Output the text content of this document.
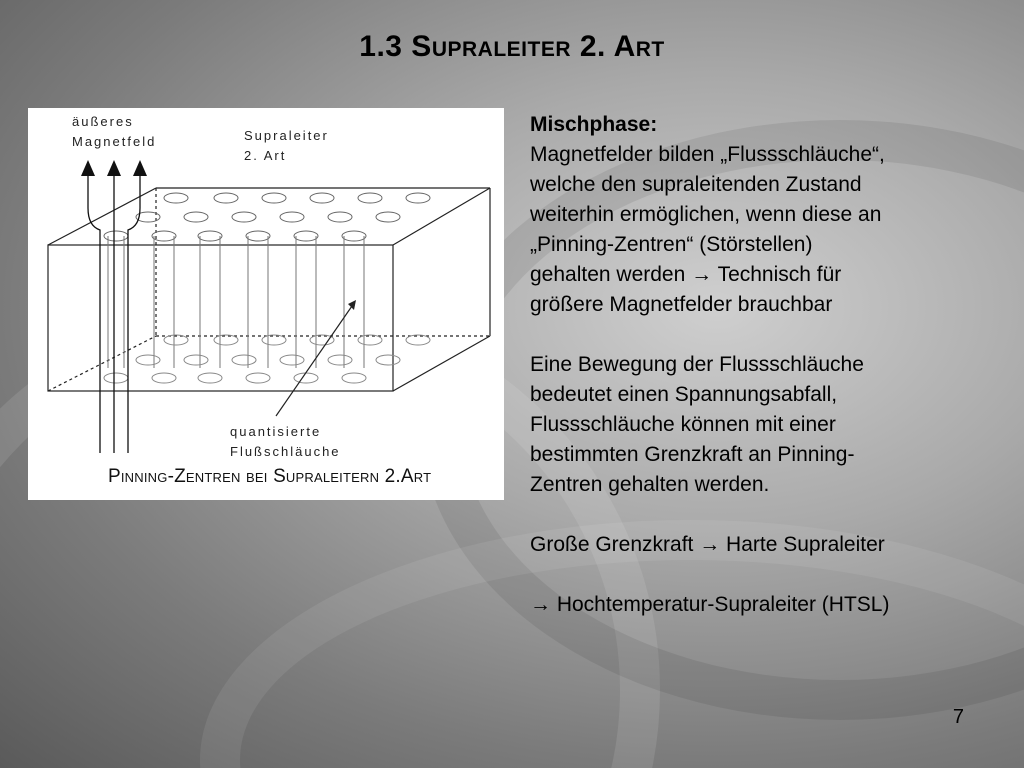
1.3 Supraleiter 2. Art
äußeres
Magnetfeld	Supraleiter
2. Art
quantisierte
Flußschläuche
Pinning-Zentren bei Supraleitern 2.Art

Mischphase:

Magnetfelder bilden „Flussschläuche“,

welche den supraleitenden Zustand

weiterhin ermöglichen, wenn diese an

„Pinning-Zentren“ (Störstellen)

gehalten werden → Technisch für

größere Magnetfelder brauchbar

Eine Bewegung der Flussschläuche

bedeutet einen Spannungsabfall,

Flussschläuche können mit einer

bestimmten Grenzkraft an Pinning-

Zentren gehalten werden.

Große Grenzkraft → Harte Supraleiter

→ Hochtemperatur-Supraleiter (HTSL)

7
